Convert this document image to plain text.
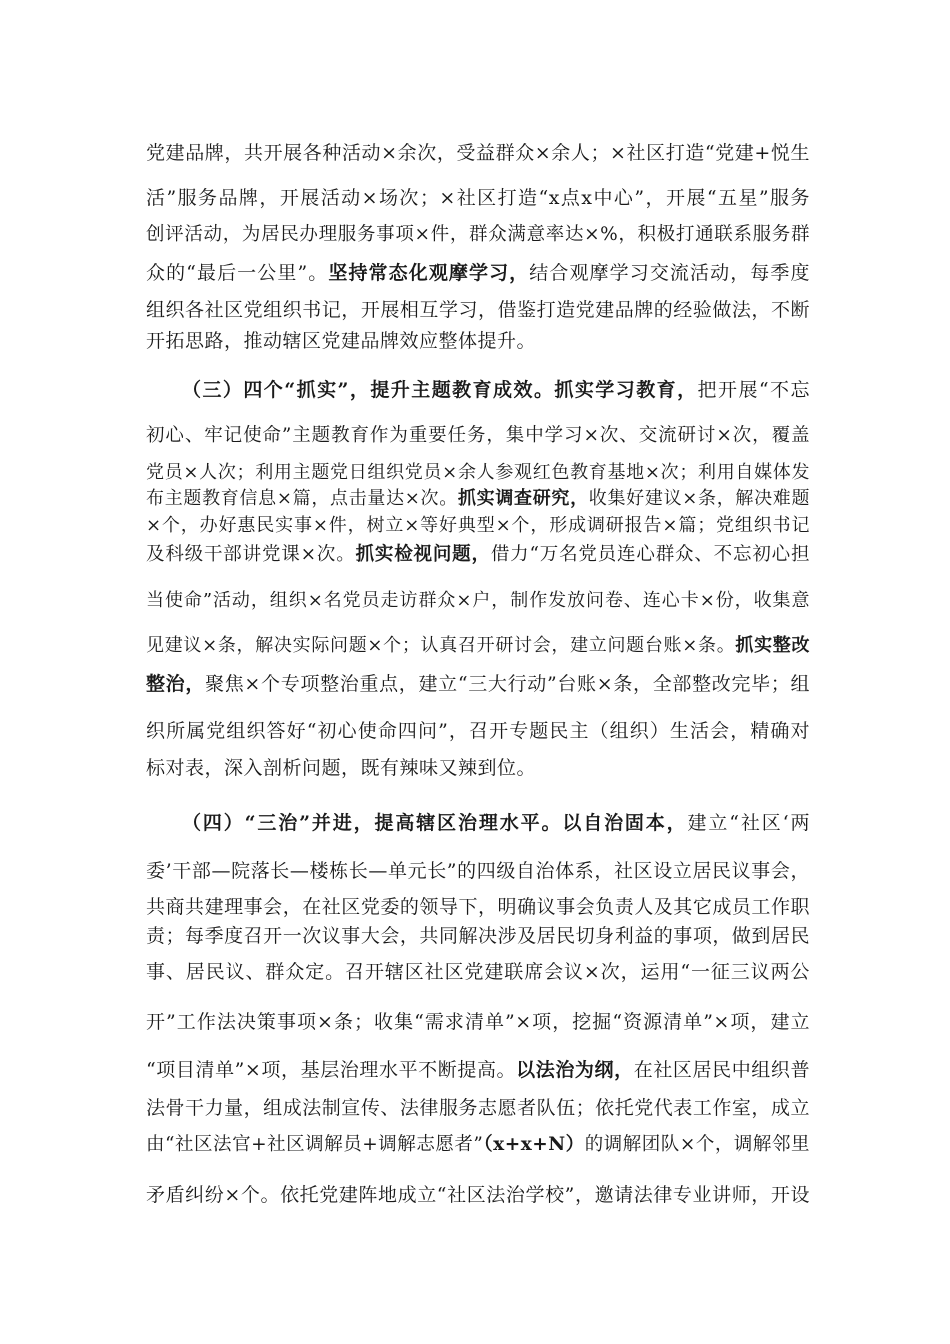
党建品牌，共开展各种活动×余次，受益群众×余人；×社区打造“党建+悦生
活”服务品牌，开展活动×场次；×社区打造“x点x中心”，开展“五星”服务
创评活动，为居民办理服务事项×件，群众满意率达×%，积极打通联系服务群
众的“最后一公里”。坚持常态化观摩学习，结合观摩学习交流活动，每季度
组织各社区党组织书记，开展相互学习，借鉴打造党建品牌的经验做法，不断
开拓思路，推动辖区党建品牌效应整体提升。
（三）四个“抓实”，提升主题教育成效。抓实学习教育，把开展“不忘
初心、牢记使命”主题教育作为重要任务，集中学习×次、交流研讨×次，覆盖
党员×人次；利用主题党日组织党员×余人参观红色教育基地×次；利用自媒体发
布主题教育信息×篇，点击量达×次。抓实调查研究，收集好建议×条，解决难题
×个，办好惠民实事×件，树立×等好典型×个，形成调研报告×篇；党组织书记
及科级干部讲党课×次。抓实检视问题，借力“万名党员连心群众、不忘初心担
当使命”活动，组织×名党员走访群众×户，制作发放问卷、连心卡×份，收集意
见建议×条，解决实际问题×个；认真召开研讨会，建立问题台账×条。抓实整改
整治，聚焦×个专项整治重点，建立“三大行动”台账×条，全部整改完毕；组
织所属党组织答好“初心使命四问”，召开专题民主（组织）生活会，精确对
标对表，深入剖析问题，既有辣味又辣到位。
（四）“三治”并进，提高辖区治理水平。以自治固本，建立“社区‘两
委’干部—院落长—楼栋长—单元长”的四级自治体系，社区设立居民议事会，
共商共建理事会，在社区党委的领导下，明确议事会负责人及其它成员工作职
责；每季度召开一次议事大会，共同解决涉及居民切身利益的事项，做到居民
事、居民议、群众定。召开辖区社区党建联席会议×次，运用“一征三议两公
开”工作法决策事项×条；收集“需求清单”×项，挖掘“资源清单”×项，建立
“项目清单”×项，基层治理水平不断提高。以法治为纲，在社区居民中组织普
法骨干力量，组成法制宣传、法律服务志愿者队伍；依托党代表工作室，成立
由“社区法官+社区调解员+调解志愿者”（x+x+N）的调解团队×个，调解邻里
矛盾纠纷×个。依托党建阵地成立“社区法治学校”，邀请法律专业讲师，开设
